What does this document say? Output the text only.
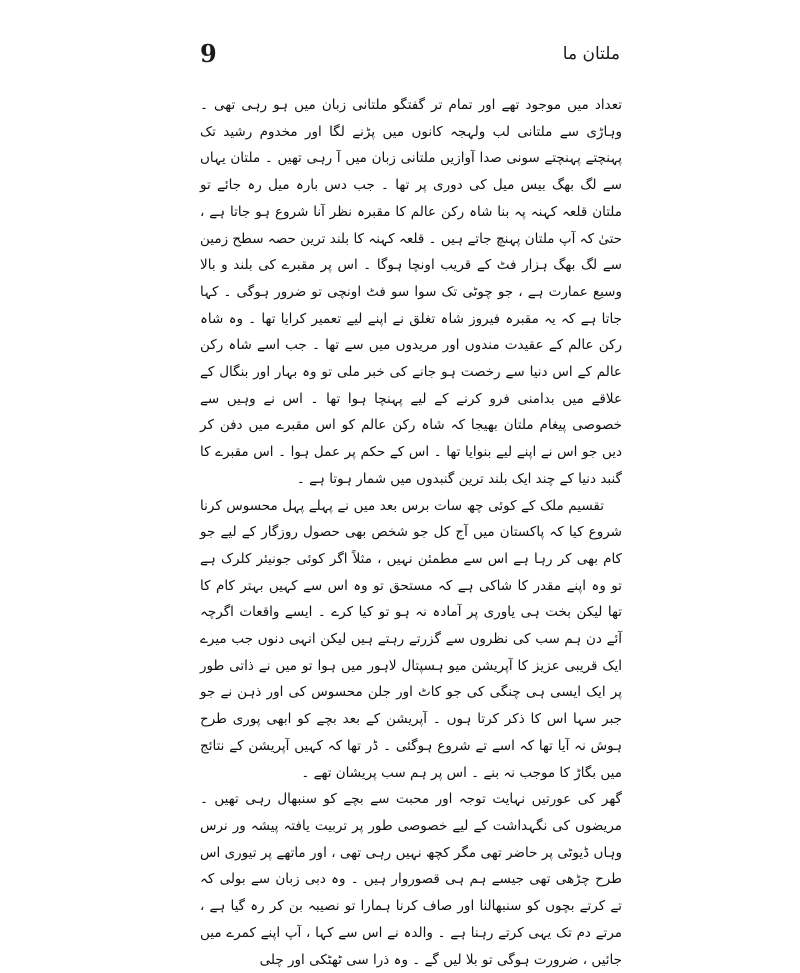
9	ملتان ما

تعداد میں موجود تھے اور تمام تر گفتگو ملتانی زبان میں ہو رہی تھی ۔ وہاڑی سے ملتانی لب ولہجہ کانوں میں پڑنے لگا اور مخدوم رشید تک پہنچتے پہنچتے سونی صدا آوازیں ملتانی زبان میں آ رہی تھیں ۔ ملتان یہاں سے لگ بھگ بیس میل کی دوری پر تھا ۔ جب دس بارہ میل رہ جائے تو ملتان قلعہ کہنہ پہ بنا شاہ رکن عالم کا مقبرہ نظر آنا شروع ہو جاتا ہے ، حتیٰ کہ آپ ملتان پہنچ جاتے ہیں ۔ قلعہ کہنہ کا بلند ترین حصہ سطح زمین سے لگ بھگ ہزار فٹ کے قریب اونچا ہوگا ۔ اس پر مقبرے کی بلند و بالا وسیع عمارت ہے ، جو چوٹی تک سوا سو فٹ اونچی تو ضرور ہوگی ۔ کہا جاتا ہے کہ یہ مقبرہ فیروز شاہ تغلق نے اپنے لیے تعمیر کرایا تھا ۔ وہ شاہ رکن عالم کے عقیدت مندوں اور مریدوں میں سے تھا ۔ جب اسے شاہ رکن عالم کے اس دنیا سے رخصت ہو جانے کی خبر ملی تو وہ بہار اور بنگال کے علاقے میں بدامنی فرو کرنے کے لیے پہنچا ہوا تھا ۔ اس نے وہیں سے خصوصی پیغام ملتان بھیجا کہ شاہ رکن عالم کو اس مقبرے میں دفن کر دیں جو اس نے اپنے لیے بنوایا تھا ۔ اس کے حکم پر عمل ہوا ۔ اس مقبرے کا گنبد دنیا کے چند ایک بلند ترین گنبدوں میں شمار ہوتا ہے ۔

تقسیم ملک کے کوئی چھ سات برس بعد میں نے پہلے پہل محسوس کرنا شروع کیا کہ پاکستان میں آج کل جو شخص بھی حصول روزگار کے لیے جو کام بھی کر رہا ہے اس سے مطمئن نہیں ، مثلاً اگر کوئی جونیئر کلرک ہے تو وہ اپنے مقدر کا شاکی ہے کہ مستحق تو وہ اس سے کہیں بہتر کام کا تھا لیکن بخت ہی یاوری پر آمادہ نہ ہو تو کیا کرے ۔ ایسے واقعات اگرچہ آئے دن ہم سب کی نظروں سے گزرتے رہتے ہیں لیکن انہی دنوں جب میرے ایک قریبی عزیز کا آپریشن میو ہسپتال لاہور میں ہوا تو میں نے ذاتی طور پر ایک ایسی ہی چنگی کی جو کاٹ اور جلن محسوس کی اور ذہن نے جو جبر سہا اس کا ذکر کرتا ہوں ۔ آپریشن کے بعد بچے کو ابھی پوری طرح ہوش نہ آیا تھا کہ اسے تے شروع ہوگئی ۔ ڈر تھا کہ کہیں آپریشن کے نتائج میں بگاڑ کا موجب نہ بنے ۔ اس پر ہم سب پریشان تھے ۔

گھر کی عورتیں نہایت توجہ اور محبت سے بچے کو سنبھال رہی تھیں ۔ مریضوں کی نگہداشت کے لیے خصوصی طور پر تربیت یافتہ پیشہ ور نرس وہاں ڈیوٹی پر حاضر تھی مگر کچھ نہیں رہی تھی ، اور ماتھے پر تیوری اس طرح چڑھی تھی جیسے ہم ہی قصوروار ہیں ۔ وہ دبی زبان سے بولی کہ تے کرتے بچوں کو سنبھالنا اور صاف کرنا ہمارا تو نصیبہ بن کر رہ گیا ہے ، مرتے دم تک یہی کرتے رہنا ہے ۔ والدہ نے اس سے کہا ، آپ اپنے کمرے میں جائیں ، ضرورت ہوگی تو بلا لیں گے ۔ وہ ذرا سی ٹھٹکی اور چلی
